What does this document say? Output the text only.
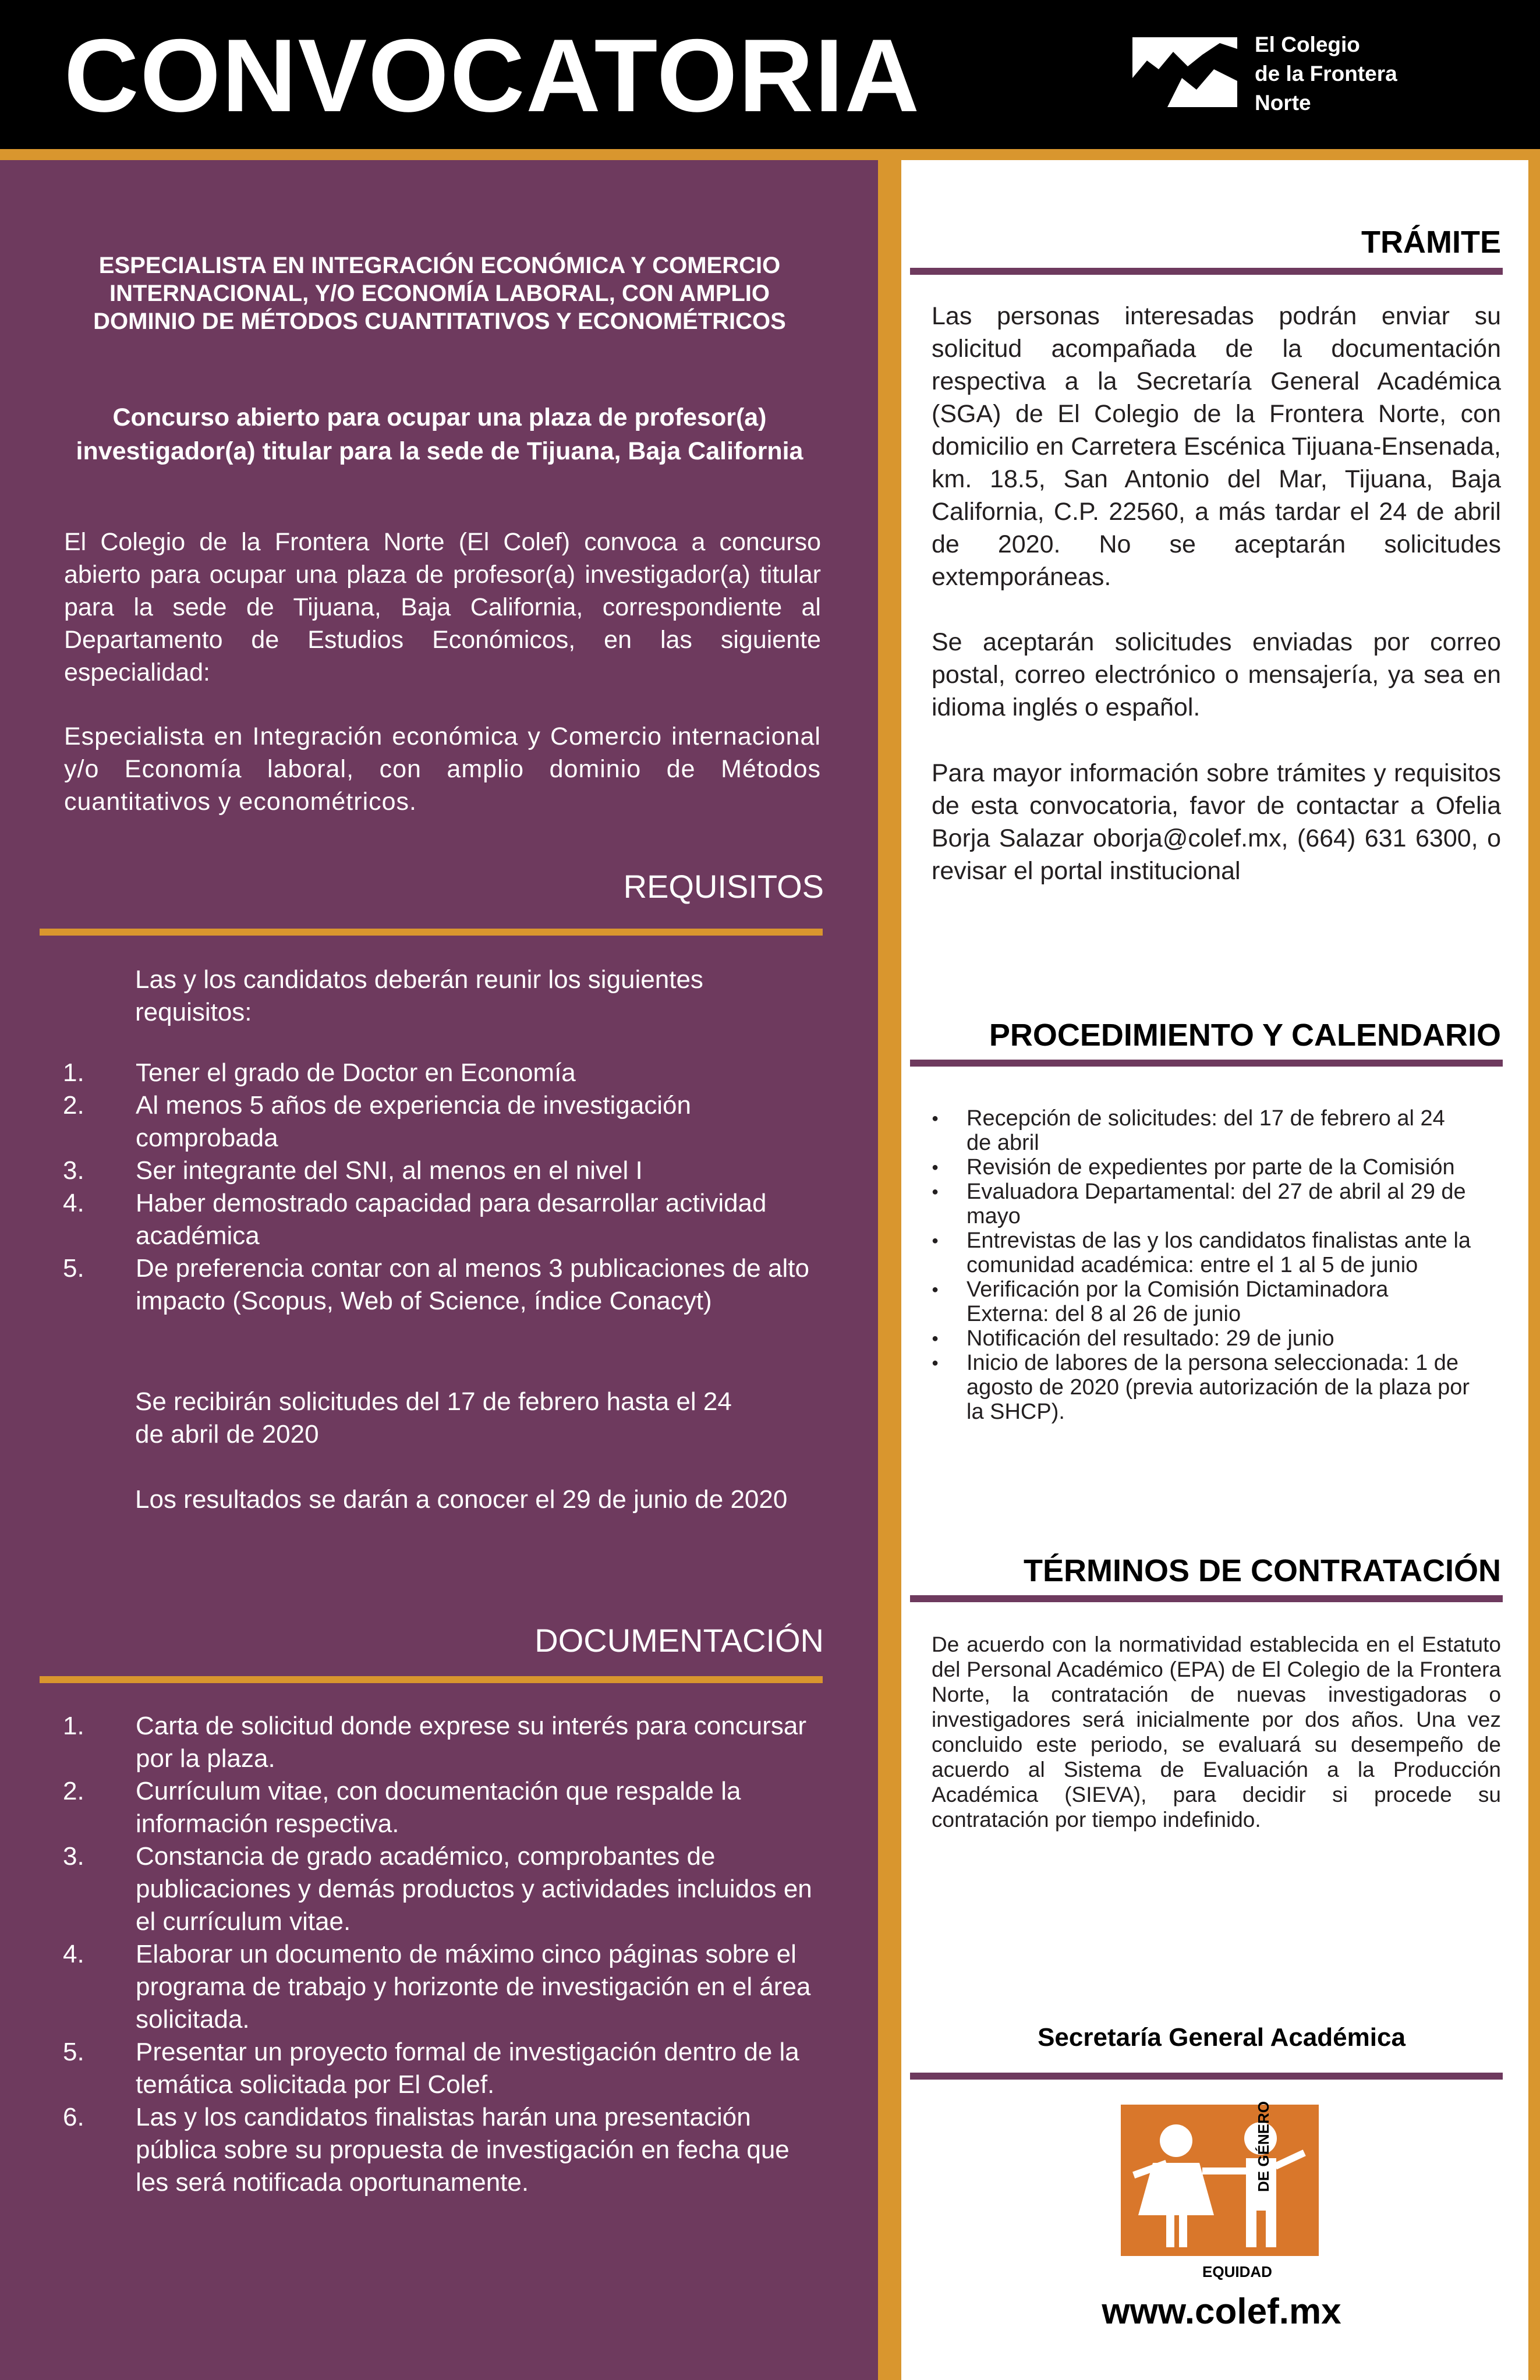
CONVOCATORIA	El Colegio
de la Frontera
Norte
ESPECIALISTA EN INTEGRACIÓN ECONÓMICA Y COMERCIO INTERNACIONAL, Y/O ECONOMÍA LABORAL, CON AMPLIO DOMINIO DE MÉTODOS CUANTITATIVOS Y ECONOMÉTRICOS
Concurso abierto para ocupar una plaza de profesor(a) investigador(a) titular para la sede de Tijuana, Baja California
El Colegio de la Frontera Norte (El Colef) convoca a concurso abierto para ocupar una plaza de profesor(a) investigador(a) titular para la sede de Tijuana, Baja California, correspondiente al Departamento de Estudios Económicos, en las siguiente especialidad:
Especialista en Integración económica y Comercio internacional y/o Economía laboral, con amplio dominio de Métodos cuantitativos y econométricos.
REQUISITOS
Las y los candidatos deberán reunir los siguientes requisitos:
1. Tener el grado de Doctor en Economía
2. Al menos 5 años de experiencia de investigación comprobada
3. Ser integrante del SNI, al menos en el nivel I
4. Haber demostrado capacidad para desarrollar actividad académica
5. De preferencia contar con al menos 3 publicaciones de alto impacto (Scopus, Web of Science, índice Conacyt)
Se recibirán solicitudes del 17 de febrero hasta el 24 de abril de 2020
Los resultados se darán a conocer el 29 de junio de 2020
DOCUMENTACIÓN
1. Carta de solicitud donde exprese su interés para concursar por la plaza.
2. Currículum vitae, con documentación que respalde la información respectiva.
3. Constancia de grado académico, comprobantes de publicaciones y demás productos y actividades incluidos en el currículum vitae.
4. Elaborar un documento de máximo cinco páginas sobre el programa de trabajo y horizonte de investigación en el área solicitada.
5. Presentar un proyecto formal de investigación dentro de la temática solicitada por El Colef.
6. Las y los candidatos finalistas harán una presentación pública sobre su propuesta de investigación en fecha que les será notificada oportunamente.
TRÁMITE
Las personas interesadas podrán enviar su solicitud acompañada de la documentación respectiva a la Secretaría General Académica (SGA) de El Colegio de la Frontera Norte, con domicilio en Carretera Escénica Tijuana-Ensenada, km. 18.5, San Antonio del Mar, Tijuana, Baja California, C.P. 22560, a más tardar el 24 de abril de 2020. No se aceptarán solicitudes extemporáneas.
Se aceptarán solicitudes enviadas por correo postal, correo electrónico o mensajería, ya sea en idioma inglés o español.
Para mayor información sobre trámites y requisitos de esta convocatoria, favor de contactar a Ofelia Borja Salazar oborja@colef.mx, (664) 631 6300, o revisar el portal institucional
PROCEDIMIENTO Y CALENDARIO
● Recepción de solicitudes: del 17 de febrero al 24 de abril
● Revisión de expedientes por parte de la Comisión
● Evaluadora Departamental: del 27 de abril al 29 de mayo
● Entrevistas de las y los candidatos finalistas ante la comunidad académica: entre el 1 al 5 de junio
● Verificación por la Comisión Dictaminadora Externa: del 8 al 26 de junio
● Notificación del resultado: 29 de junio
● Inicio de labores de la persona seleccionada: 1 de agosto de 2020 (previa autorización de la plaza por la SHCP).
TÉRMINOS DE CONTRATACIÓN
De acuerdo con la normatividad establecida en el Estatuto del Personal Académico (EPA) de El Colegio de la Frontera Norte, la contratación de nuevas investigadoras o investigadores será inicialmente por dos años. Una vez concluido este periodo, se evaluará su desempeño de acuerdo al Sistema de Evaluación a la Producción Académica (SIEVA), para decidir si procede su contratación por tiempo indefinido.
Secretaría General Académica
EQUIDAD
DE GÉNERO
www.colef.mx
